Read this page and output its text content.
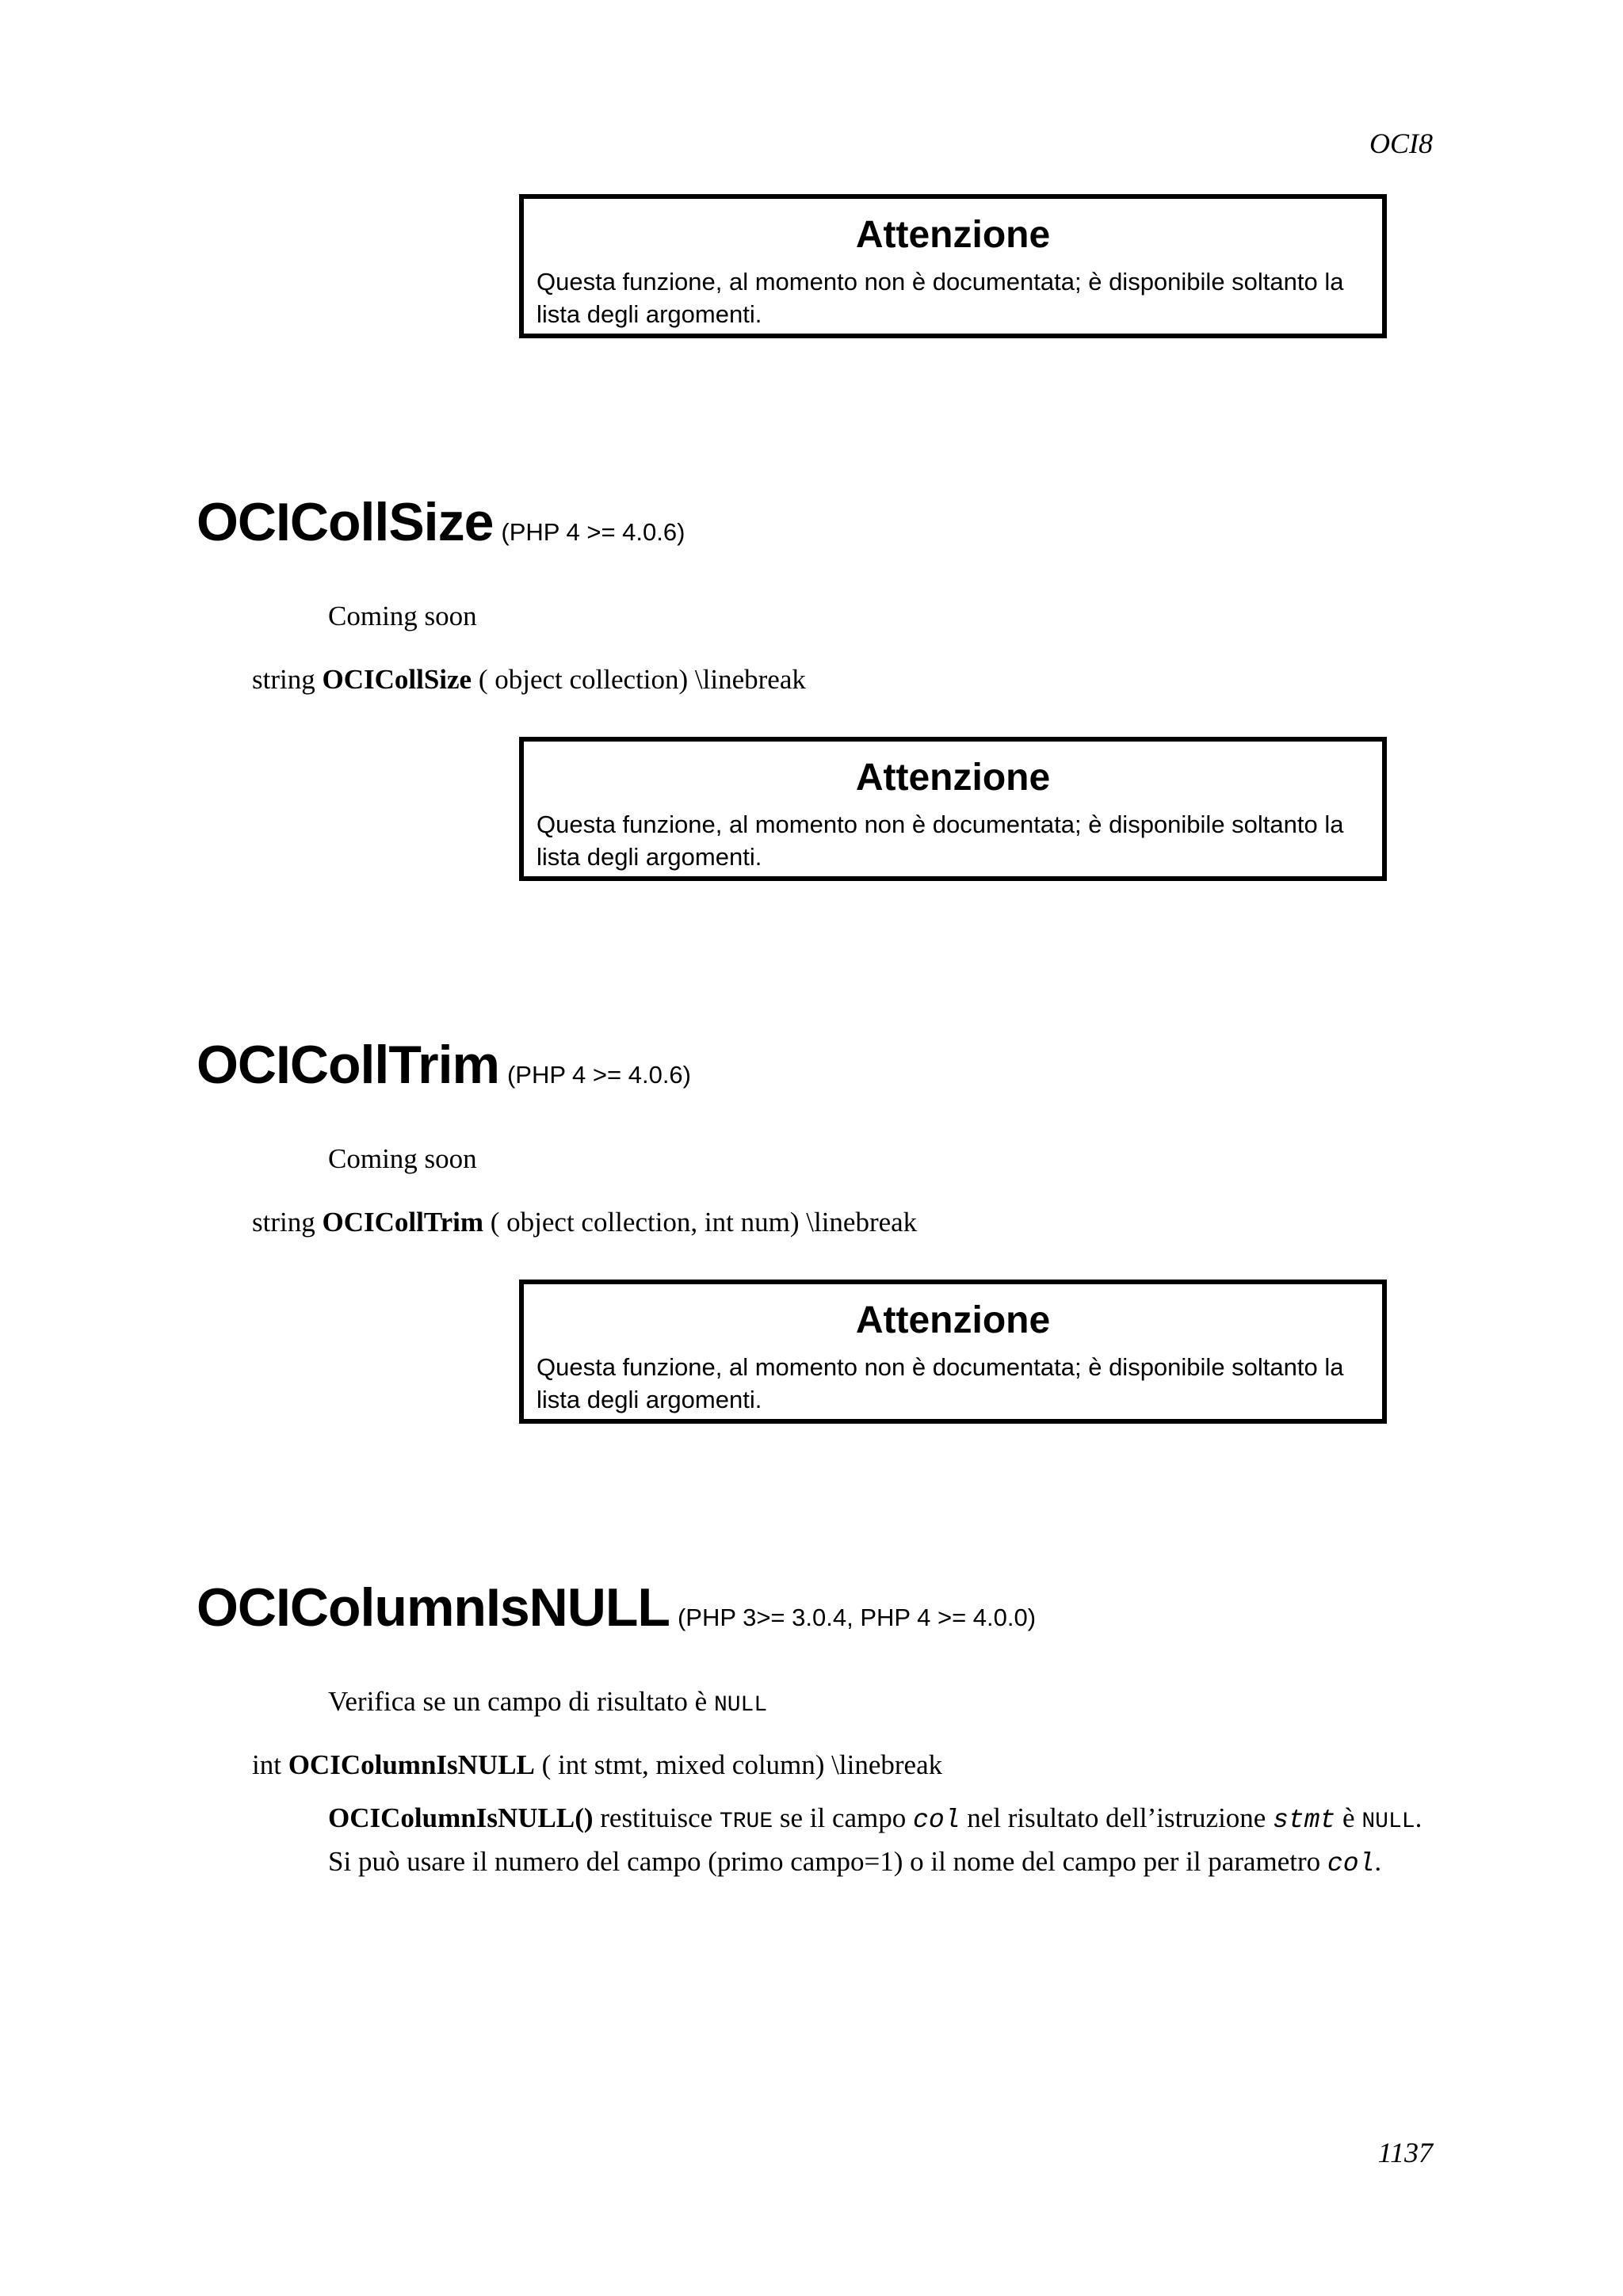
OCI8
Attenzione
Questa funzione, al momento non è documentata; è disponibile soltanto la
lista degli argomenti.
OCICollSize (PHP 4 >= 4.0.6)
Coming soon
string OCICollSize ( object collection) \linebreak
Attenzione
Questa funzione, al momento non è documentata; è disponibile soltanto la
lista degli argomenti.
OCICollTrim (PHP 4 >= 4.0.6)
Coming soon
string OCICollTrim ( object collection, int num) \linebreak
Attenzione
Questa funzione, al momento non è documentata; è disponibile soltanto la
lista degli argomenti.
OCIColumnIsNULL (PHP 3>= 3.0.4, PHP 4 >= 4.0.0)
Verifica se un campo di risultato è NULL
int OCIColumnIsNULL ( int stmt, mixed column) \linebreak
OCIColumnIsNULL() restituisce TRUE se il campo col nel risultato dell’istruzione stmt è NULL.
Si può usare il numero del campo (primo campo=1) o il nome del campo per il parametro col.
1137
